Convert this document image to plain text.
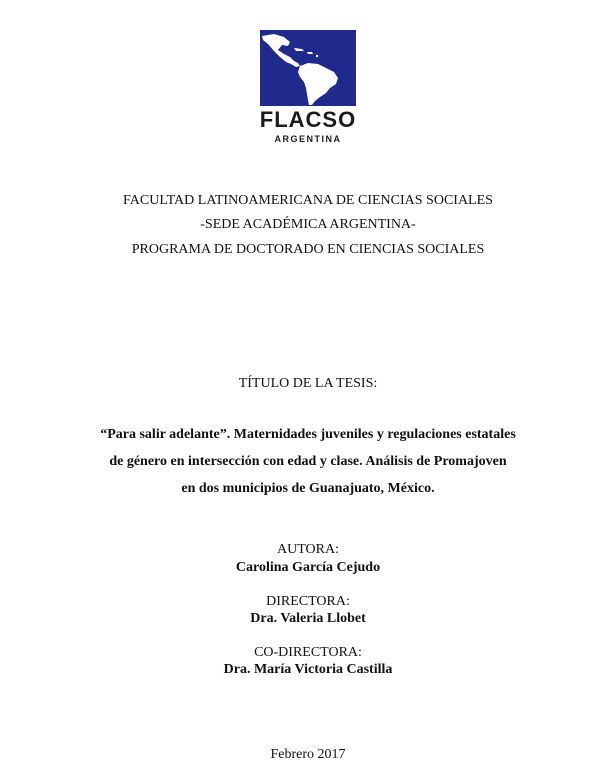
FLACSO
ARGENTINA
FACULTAD LATINOAMERICANA DE CIENCIAS SOCIALES
-SEDE ACADÉMICA ARGENTINA-
PROGRAMA DE DOCTORADO EN CIENCIAS SOCIALES
TÍTULO DE LA TESIS:
“Para salir adelante”. Maternidades juveniles y regulaciones estatales
de género en intersección con edad y clase. Análisis de Promajoven
en dos municipios de Guanajuato, México.
AUTORA:
Carolina García Cejudo
DIRECTORA:
Dra. Valeria Llobet
CO-DIRECTORA:
Dra. María Victoria Castilla
Febrero 2017
